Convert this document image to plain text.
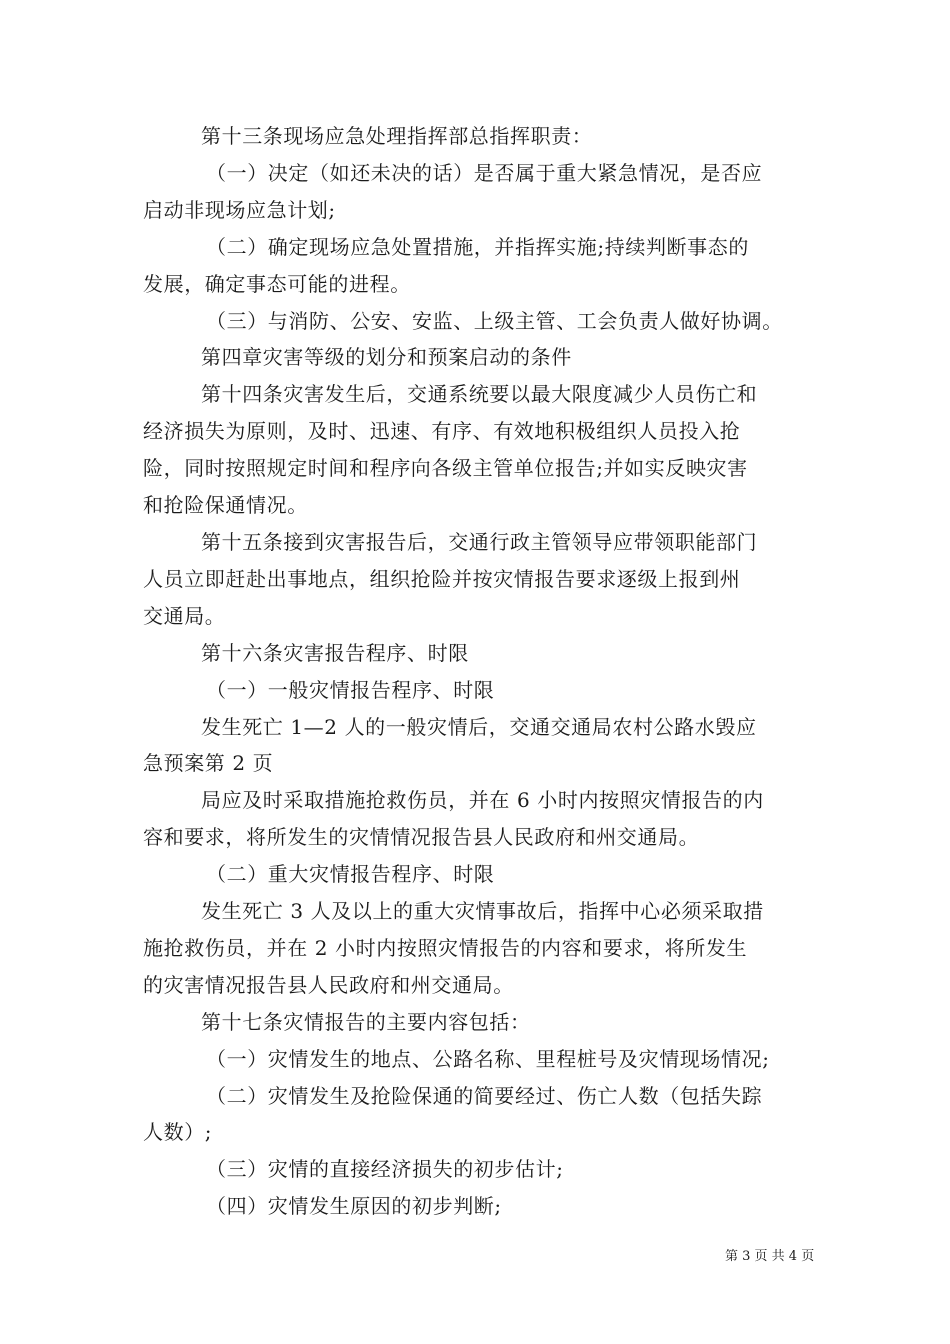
第十三条现场应急处理指挥部总指挥职责：

（一）决定（如还未决的话）是否属于重大紧急情况，是否应

启动非现场应急计划;

（二）确定现场应急处置措施，并指挥实施;持续判断事态的

发展，确定事态可能的进程。

（三）与消防、公安、安监、上级主管、工会负责人做好协调。

第四章灾害等级的划分和预案启动的条件

第十四条灾害发生后，交通系统要以最大限度减少人员伤亡和

经济损失为原则，及时、迅速、有序、有效地积极组织人员投入抢

险，同时按照规定时间和程序向各级主管单位报告;并如实反映灾害

和抢险保通情况。

第十五条接到灾害报告后，交通行政主管领导应带领职能部门

人员立即赶赴出事地点，组织抢险并按灾情报告要求逐级上报到州

交通局。

第十六条灾害报告程序、时限

（一）一般灾情报告程序、时限

发生死亡 1—2 人的一般灾情后，交通交通局农村公路水毁应

急预案第 2 页

局应及时采取措施抢救伤员，并在 6 小时内按照灾情报告的内

容和要求，将所发生的灾情情况报告县人民政府和州交通局。

（二）重大灾情报告程序、时限

发生死亡 3 人及以上的重大灾情事故后，指挥中心必须采取措

施抢救伤员，并在 2 小时内按照灾情报告的内容和要求，将所发生

的灾害情况报告县人民政府和州交通局。

第十七条灾情报告的主要内容包括：

（一）灾情发生的地点、公路名称、里程桩号及灾情现场情况;

（二）灾情发生及抢险保通的简要经过、伤亡人数（包括失踪

人数）;

（三）灾情的直接经济损失的初步估计;

（四）灾情发生原因的初步判断;

第 3 页 共 4 页
